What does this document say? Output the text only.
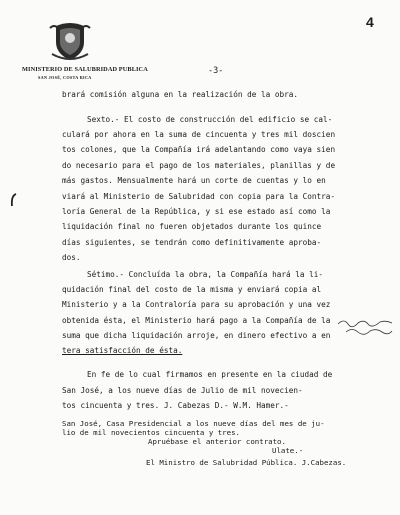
MINISTERIO DE SALUBRIDAD PUBLICA
SAN JOSÉ, COSTA RICA
-3-
4
brará comisión alguna en la realización de la obra.
Sexto.- El costo de construcción del edificio se cal-
culará por ahora en la suma de cincuenta y tres mil doscien
tos colones, que la Compañía irá adelantando como vaya sien
do necesario para el pago de los materiales, planillas y de
más gastos. Mensualmente hará un corte de cuentas y lo en
viará al Ministerio de Salubridad con copia para la Contra-
loría General de la República, y si ese estado así como la
liquidación final no fueren objetados durante los quince
días siguientes, se tendrán como definitivamente aproba-
dos.
Sétimo.- Concluída la obra, la Compañía hará la li-
quidación final del costo de la misma y enviará copia al
Ministerio y a la Contraloría para su aprobación y una vez
obtenida ésta, el Ministerio hará pago a la Compañía de la
suma que dicha liquidación arroje, en dinero efectivo a en
tera satisfacción de ésta.
En fe de lo cual firmamos en presente en la ciudad de
San José, a los nueve días de Julio de mil novecien-
tos cincuenta y tres. J. Cabezas D.- W.M. Hamer.-
San José, Casa Presidencial a los nueve días del mes de ju-
lio de mil novecientos cincuenta y tres.
Apruébase el anterior contrato.
Ulate.-
El Ministro de Salubridad Pública. J.Cabezas.
